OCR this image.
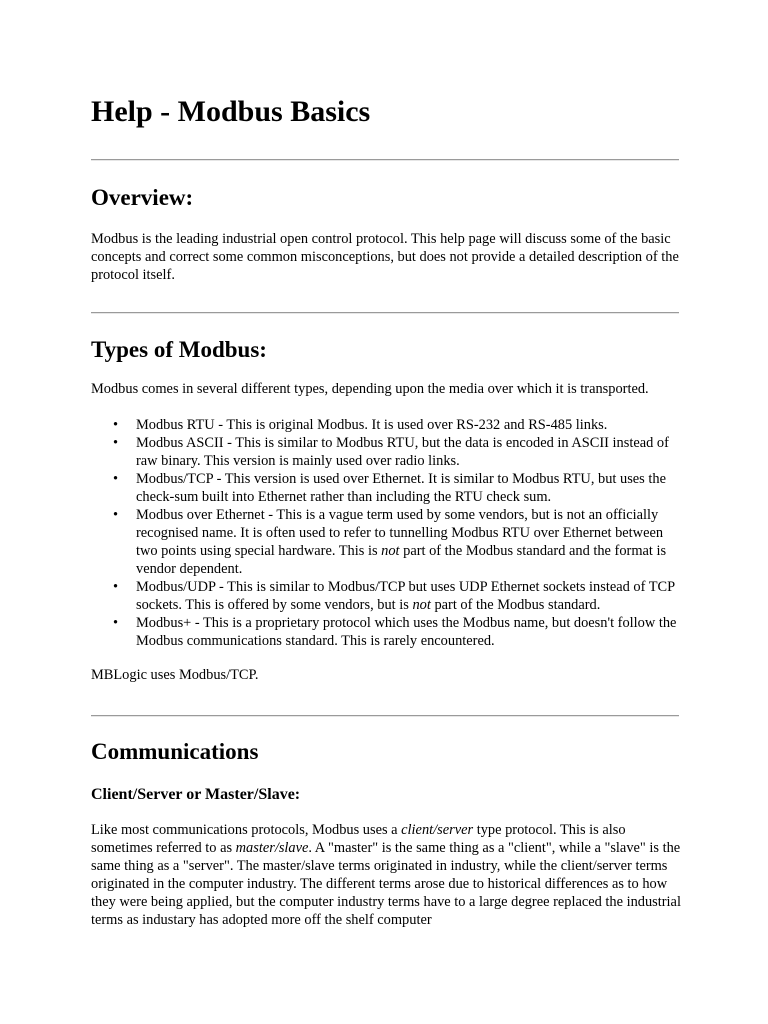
Help - Modbus Basics
Overview:

Modbus is the leading industrial open control protocol. This help page will discuss some of the basic concepts and correct some common misconceptions, but does not provide a detailed description of the protocol itself.

Types of Modbus:

Modbus comes in several different types, depending upon the media over which it is transported.

• Modbus RTU - This is original Modbus. It is used over RS-232 and RS-485 links.
• Modbus ASCII - This is similar to Modbus RTU, but the data is encoded in ASCII instead of raw binary. This version is mainly used over radio links.
• Modbus/TCP - This version is used over Ethernet. It is similar to Modbus RTU, but uses the check-sum built into Ethernet rather than including the RTU check sum.
• Modbus over Ethernet - This is a vague term used by some vendors, but is not an officially recognised name. It is often used to refer to tunnelling Modbus RTU over Ethernet between two points using special hardware. This is not part of the Modbus standard and the format is vendor dependent.
• Modbus/UDP - This is similar to Modbus/TCP but uses UDP Ethernet sockets instead of TCP sockets. This is offered by some vendors, but is not part of the Modbus standard.
• Modbus+ - This is a proprietary protocol which uses the Modbus name, but doesn't follow the Modbus communications standard. This is rarely encountered.

MBLogic uses Modbus/TCP.

Communications
Client/Server or Master/Slave:

Like most communications protocols, Modbus uses a client/server type protocol. This is also sometimes referred to as master/slave. A "master" is the same thing as a "client", while a "slave" is the same thing as a "server". The master/slave terms originated in industry, while the client/server terms originated in the computer industry. The different terms arose due to historical differences as to how they were being applied, but the computer industry terms have to a large degree replaced the industrial terms as industary has adopted more off the shelf computer
